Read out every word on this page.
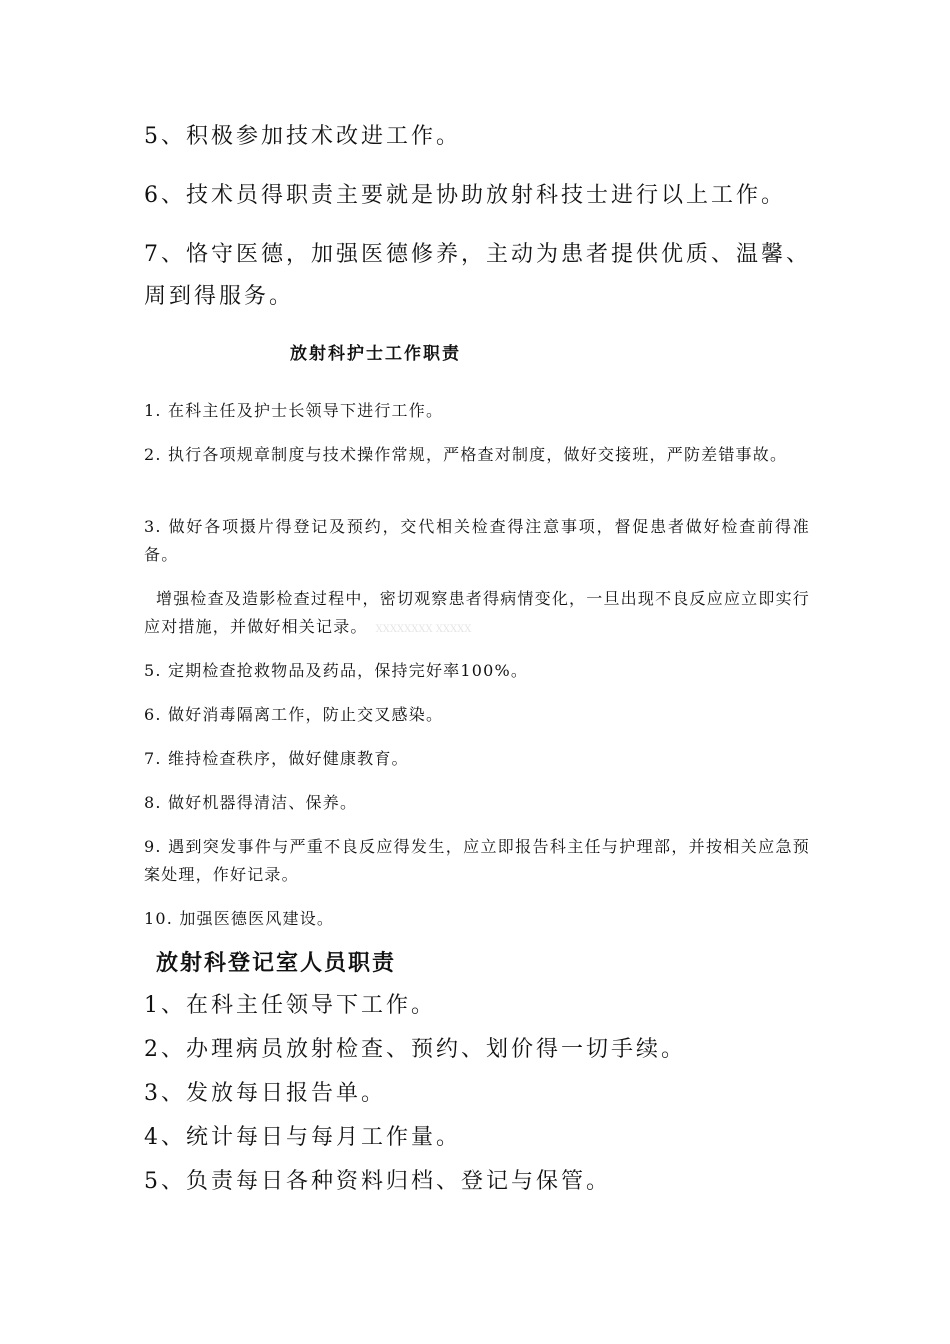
5、积极参加技术改进工作。

6、技术员得职责主要就是协助放射科技士进行以上工作。

7、恪守医德，加强医德修养，主动为患者提供优质、温馨、周到得服务。

放射科护士工作职责

1. 在科主任及护士长领导下进行工作。

2. 执行各项规章制度与技术操作常规，严格查对制度，做好交接班，严防差错事故。

3. 做好各项摄片得登记及预约，交代相关检查得注意事项，督促患者做好检查前得准备。

增强检查及造影检查过程中，密切观察患者得病情变化，一旦出现不良反应应立即实行应对措施，并做好相关记录。 XXXXXXXX XXXXX

5. 定期检查抢救物品及药品，保持完好率100%。

6. 做好消毒隔离工作，防止交叉感染。

7. 维持检查秩序，做好健康教育。

8. 做好机器得清洁、保养。

9. 遇到突发事件与严重不良反应得发生，应立即报告科主任与护理部，并按相关应急预案处理，作好记录。

10. 加强医德医风建设。

放射科登记室人员职责

1、在科主任领导下工作。

2、办理病员放射检查、预约、划价得一切手续。

3、发放每日报告单。

4、统计每日与每月工作量。

5、负责每日各种资料归档、登记与保管。
